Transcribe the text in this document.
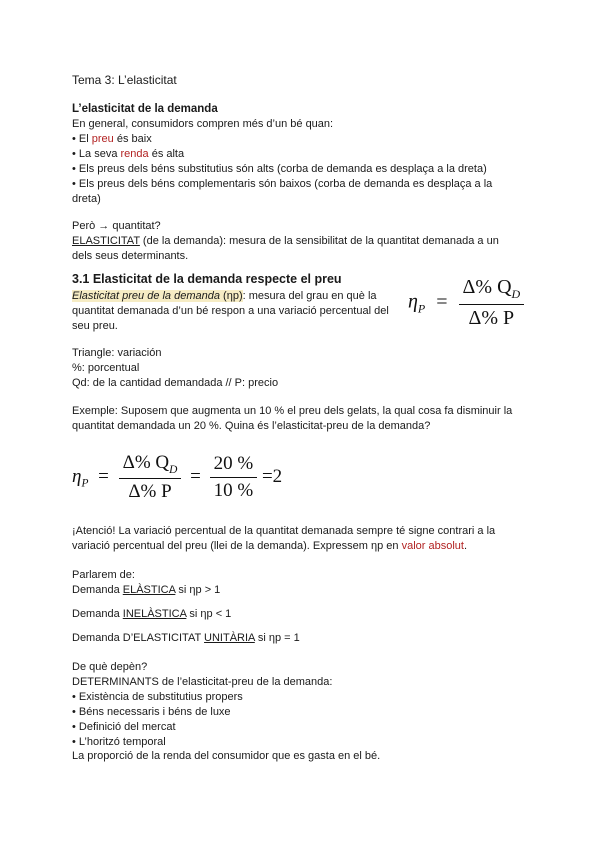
Tema 3: L’elasticitat
L’elasticitat de la demanda
En general, consumidors compren més d’un bé quan:
• El preu és baix
• La seva renda és alta
• Els preus dels béns substitutius són alts (corba de demanda es desplaça a la dreta)
• Els preus dels béns complementaris són baixos (corba de demanda es desplaça a la dreta)
Però → quantitat?
ELASTICITAT (de la demanda): mesura de la sensibilitat de la quantitat demanada a un dels seus determinants.
3.1 Elasticitat de la demanda respecte el preu
Elasticitat preu de la demanda (ηp): mesura del grau en què la quantitat demanada d’un bé respon a una variació percentual del seu preu.
$\eta_P = \frac{\Delta\% Q_D}{\Delta\% P}$
Triangle: variación
%: porcentual
Qd: de la cantidad demandada // P: precio
Exemple: Suposem que augmenta un 10 % el preu dels gelats, la qual cosa fa disminuir la quantitat demandada un 20 %. Quina és l’elasticitat-preu de la demanda?
$\eta_P = \frac{\Delta\% Q_D}{\Delta\% P} = \frac{20 \%}{10 \%} =2$
¡Atenció! La variació percentual de la quantitat demanada sempre té signe contrari a la variació percentual del preu (llei de la demanda). Expressem ηp en valor absolut.
Parlarem de:
Demanda ELÀSTICA si ηp > 1
Demanda INELÀSTICA si ηp < 1
Demanda D’ELASTICITAT UNITÀRIA si ηp = 1
De què depèn?
DETERMINANTS de l’elasticitat-preu de la demanda:
• Existència de substitutius propers
• Béns necessaris i béns de luxe
• Definició del mercat
• L’horitzó temporal
La proporció de la renda del consumidor que es gasta en el bé.
